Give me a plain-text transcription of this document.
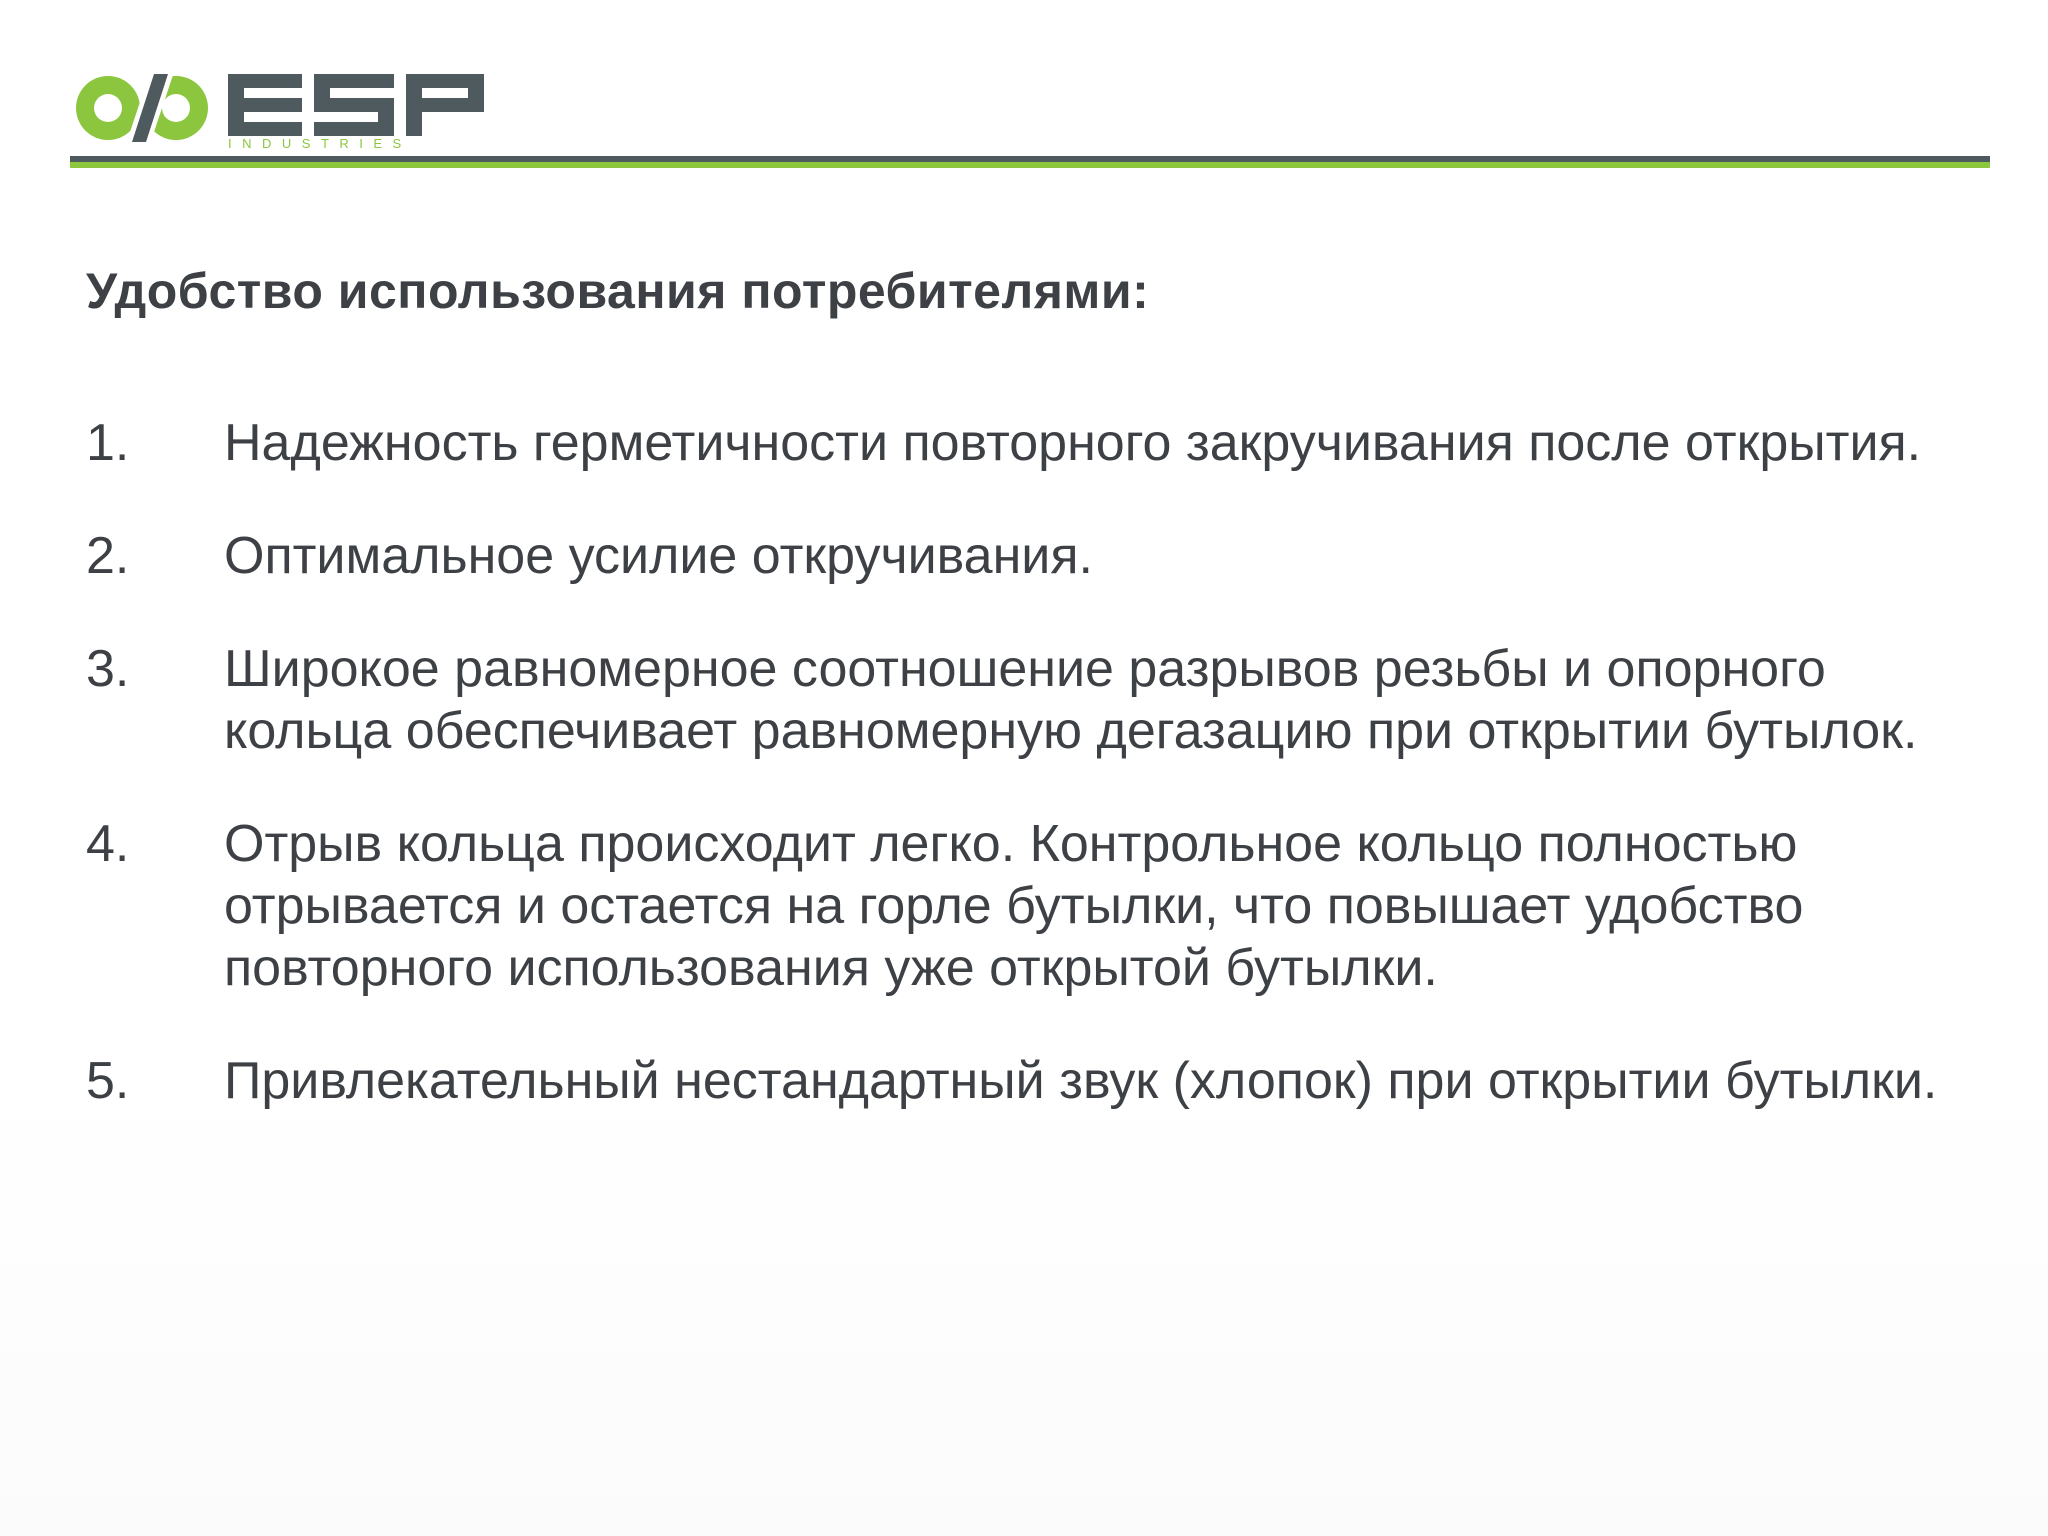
ESP
INDUSTRIES
Удобство использования потребителями:
1.	Надежность герметичности повторного закручивания после открытия.
2.	Оптимальное усилие откручивания.
3.	Широкое равномерное соотношение разрывов резьбы и опорного кольца обеспечивает равномерную дегазацию при открытии бутылок.
4.	Отрыв кольца происходит легко. Контрольное кольцо полностью отрывается и остается на горле бутылки, что повышает удобство повторного использования уже открытой бутылки.
5.	Привлекательный нестандартный звук (хлопок) при открытии бутылки.
